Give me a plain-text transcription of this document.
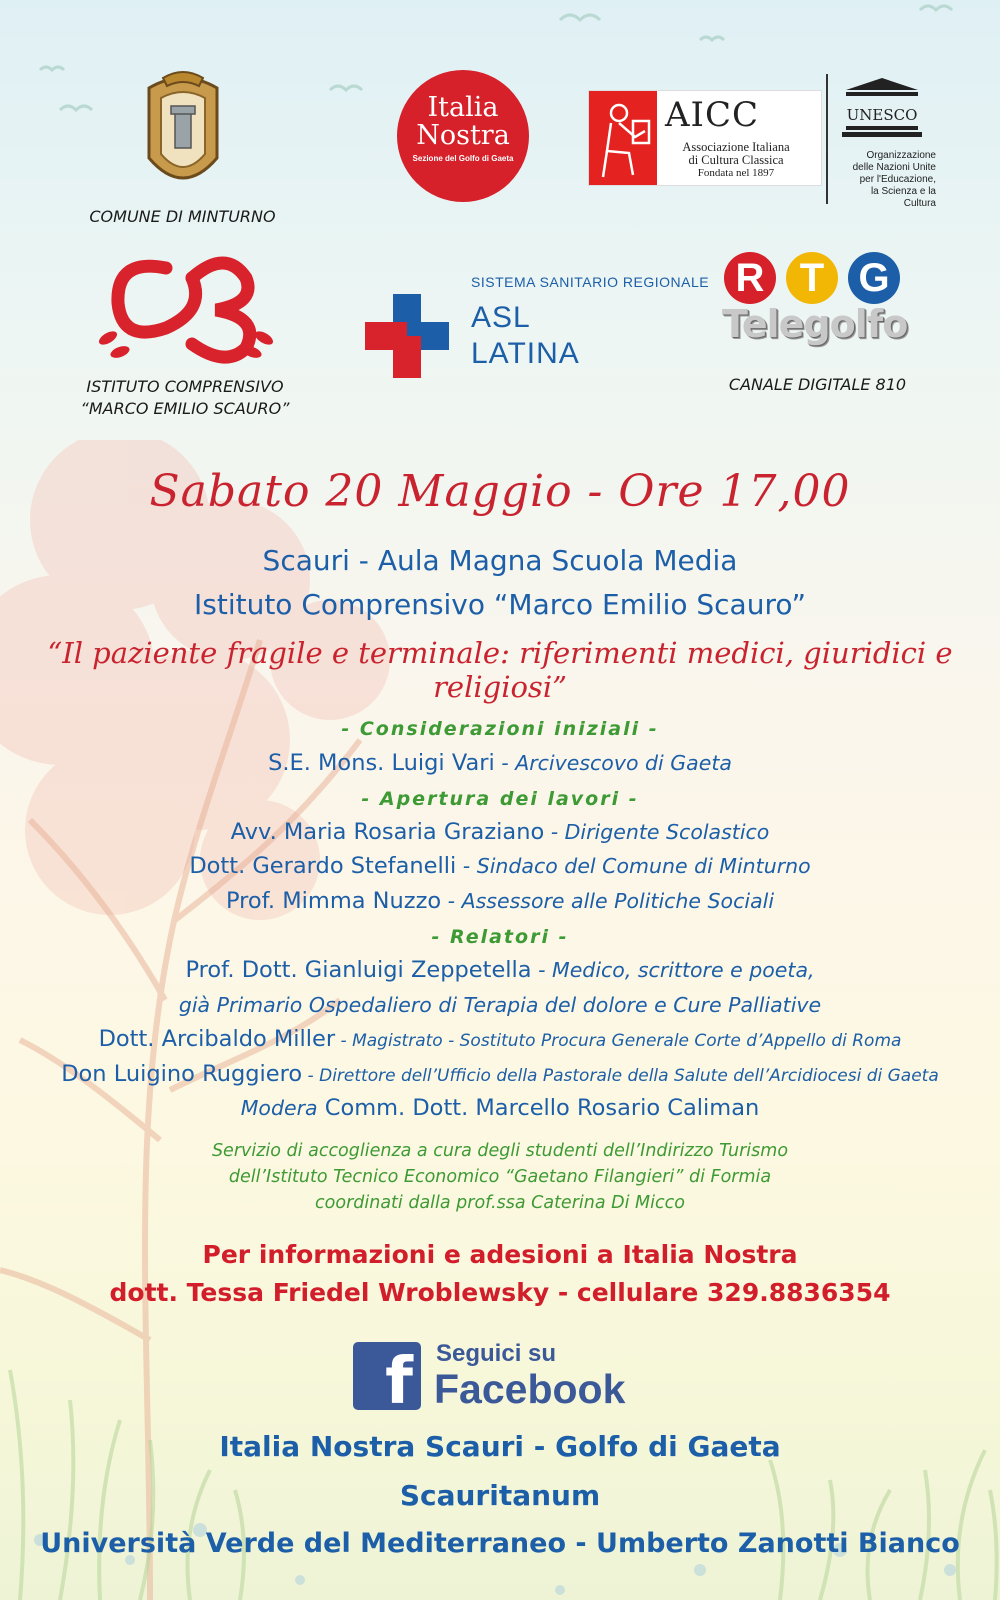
COMUNE DI MINTURNO
Italia
Nostra
Sezione del Golfo di Gaeta
AICC
Associazione Italiana
di Cultura Classica
Fondata nel 1897
UNESCO
Organizzazione
delle Nazioni Unite
per l'Educazione,
la Scienza e la Cultura
ISTITUTO COMPRENSIVO
“MARCO EMILIO SCAURO”
SISTEMA SANITARIO REGIONALE
ASL
LATINA
R T G
Telegolfo
CANALE DIGITALE 810
Sabato 20 Maggio - Ore 17,00
Scauri - Aula Magna Scuola Media
Istituto Comprensivo “Marco Emilio Scauro”
“Il paziente fragile e terminale: riferimenti medici, giuridici e religiosi”
- Considerazioni iniziali -
S.E. Mons. Luigi Vari - Arcivescovo di Gaeta
- Apertura dei lavori -
Avv. Maria Rosaria Graziano - Dirigente Scolastico
Dott. Gerardo Stefanelli - Sindaco del Comune di Minturno
Prof. Mimma Nuzzo - Assessore alle Politiche Sociali
- Relatori -
Prof. Dott. Gianluigi Zeppetella - Medico, scrittore e poeta,
già Primario Ospedaliero di Terapia del dolore e Cure Palliative
Dott. Arcibaldo Miller - Magistrato - Sostituto Procura Generale Corte d’Appello di Roma
Don Luigino Ruggiero - Direttore dell’Ufficio della Pastorale della Salute dell’Arcidiocesi di Gaeta
Modera Comm. Dott. Marcello Rosario Caliman
Servizio di accoglienza a cura degli studenti dell’Indirizzo Turismo
dell’Istituto Tecnico Economico “Gaetano Filangieri” di Formia
coordinati dalla prof.ssa Caterina Di Micco
Per informazioni e adesioni a Italia Nostra
dott. Tessa Friedel Wroblewsky - cellulare 329.8836354
f Seguici su
Facebook
Italia Nostra Scauri - Golfo di Gaeta
Scauritanum
Università Verde del Mediterraneo - Umberto Zanotti Bianco
